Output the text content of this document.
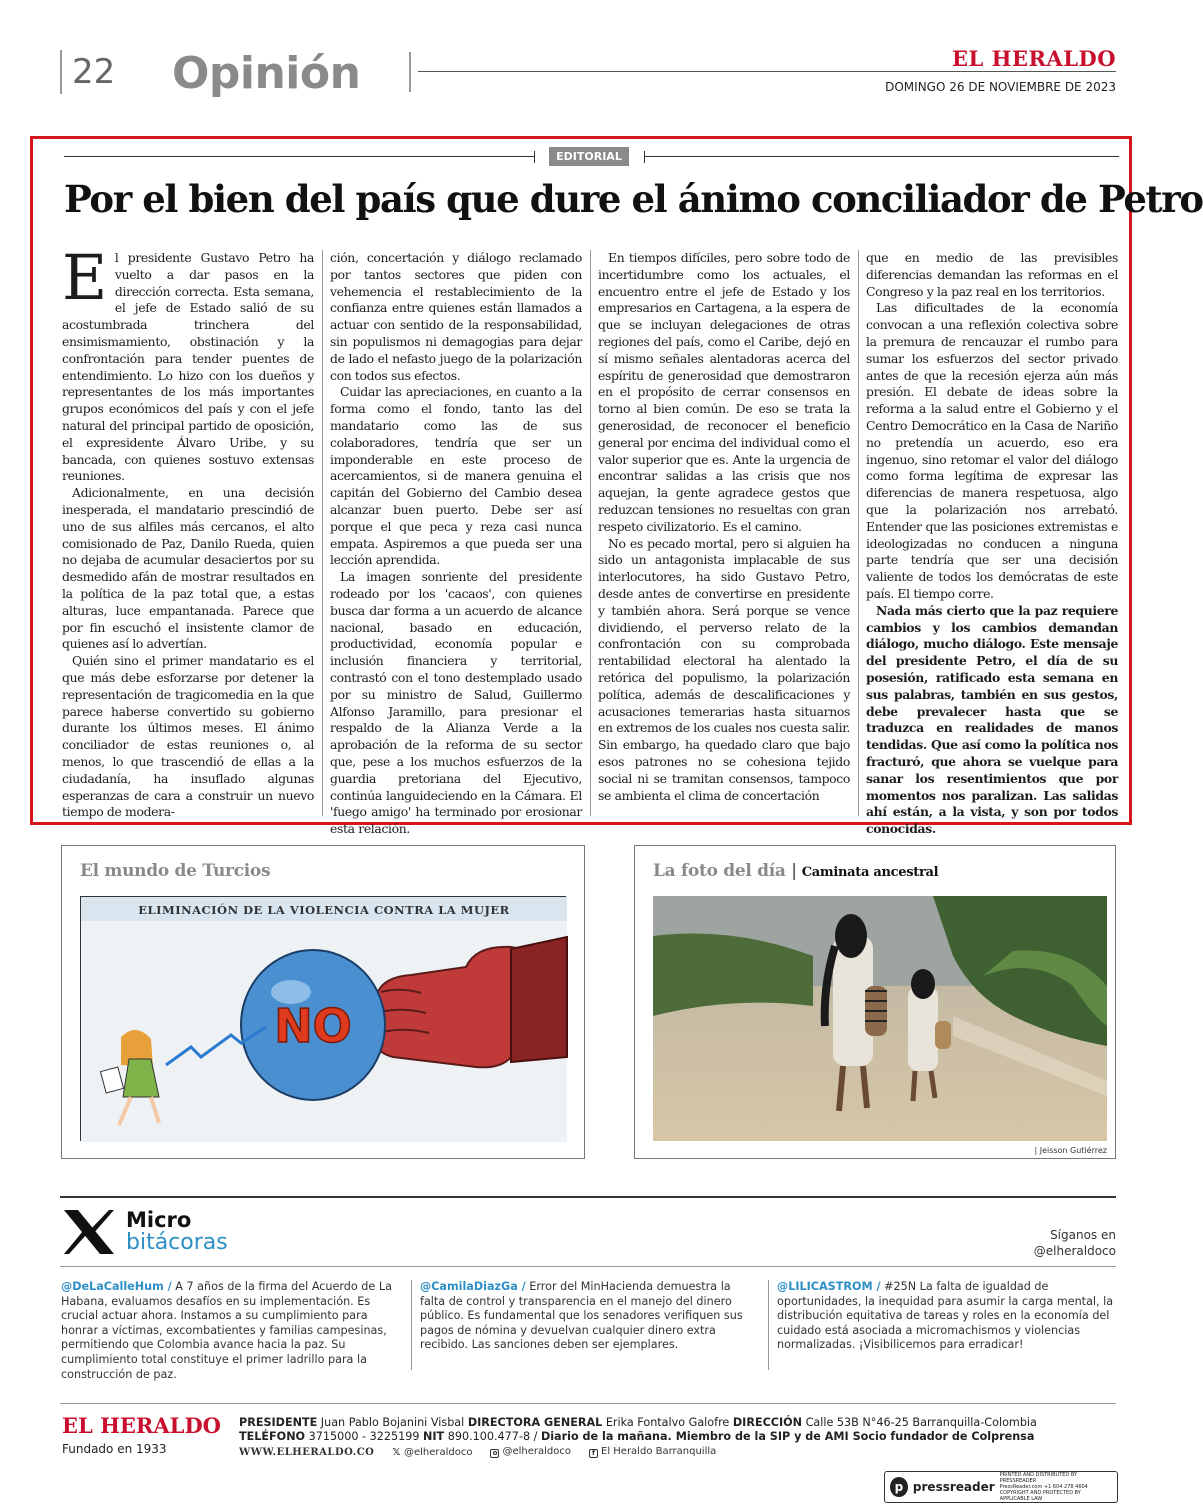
22 Opinión	EL HERALDO
DOMINGO 26 DE NOVIEMBRE DE 2023
EDITORIAL
Por el bien del país que dure el ánimo conciliador de Petro

El presidente Gustavo Petro ha vuelto a dar pasos en la dirección correcta. Esta semana, el jefe de Estado salió de su acostumbrada trinchera del ensimismamiento, obstinación y la confrontación para tender puentes de entendimiento. Lo hizo con los dueños y representantes de los más importantes grupos económicos del país y con el jefe natural del principal partido de oposición, el expresidente Álvaro Uribe, y su bancada, con quienes sostuvo extensas reuniones.

Adicionalmente, en una decisión inesperada, el mandatario prescindió de uno de sus alfiles más cercanos, el alto comisionado de Paz, Danilo Rueda, quien no dejaba de acumular desaciertos por su desmedido afán de mostrar resultados en la política de la paz total que, a estas alturas, luce empantanada. Parece que por fin escuchó el insistente clamor de quienes así lo advertían.

Quién sino el primer mandatario es el que más debe esforzarse por detener la representación de tragicomedia en la que parece haberse convertido su gobierno durante los últimos meses. El ánimo conciliador de estas reuniones o, al menos, lo que trascendió de ellas a la ciudadanía, ha insuflado algunas esperanzas de cara a construir un nuevo tiempo de modera-

ción, concertación y diálogo reclamado por tantos sectores que piden con vehemencia el restablecimiento de la confianza entre quienes están llamados a actuar con sentido de la responsabilidad, sin populismos ni demagogias para dejar de lado el nefasto juego de la polarización con todos sus efectos.

Cuidar las apreciaciones, en cuanto a la forma como el fondo, tanto las del mandatario como las de sus colaboradores, tendría que ser un imponderable en este proceso de acercamientos, si de manera genuina el capitán del Gobierno del Cambio desea alcanzar buen puerto. Debe ser así porque el que peca y reza casi nunca empata. Aspiremos a que pueda ser una lección aprendida.

La imagen sonriente del presidente rodeado por los 'cacaos', con quienes busca dar forma a un acuerdo de alcance nacional, basado en educación, productividad, economía popular e inclusión financiera y territorial, contrastó con el tono destemplado usado por su ministro de Salud, Guillermo Alfonso Jaramillo, para presionar el respaldo de la Alianza Verde a la aprobación de la reforma de su sector que, pese a los muchos esfuerzos de la guardia pretoriana del Ejecutivo, continúa languideciendo en la Cámara. El 'fuego amigo' ha terminado por erosionar esta relación.

En tiempos difíciles, pero sobre todo de incertidumbre como los actuales, el encuentro entre el jefe de Estado y los empresarios en Cartagena, a la espera de que se incluyan delegaciones de otras regiones del país, como el Caribe, dejó en sí mismo señales alentadoras acerca del espíritu de generosidad que demostraron en el propósito de cerrar consensos en torno al bien común. De eso se trata la generosidad, de reconocer el beneficio general por encima del individual como el valor superior que es. Ante la urgencia de encontrar salidas a las crisis que nos aquejan, la gente agradece gestos que reduzcan tensiones no resueltas con gran respeto civilizatorio. Es el camino.

No es pecado mortal, pero si alguien ha sido un antagonista implacable de sus interlocutores, ha sido Gustavo Petro, desde antes de convertirse en presidente y también ahora. Será porque se vence dividiendo, el perverso relato de la confrontación con su comprobada rentabilidad electoral ha alentado la retórica del populismo, la polarización política, además de descalificaciones y acusaciones temerarias hasta situarnos en extremos de los cuales nos cuesta salir. Sin embargo, ha quedado claro que bajo esos patrones no se cohesiona tejido social ni se tramitan consensos, tampoco se ambienta el clima de concertación

que en medio de las previsibles diferencias demandan las reformas en el Congreso y la paz real en los territorios.

Las dificultades de la economía convocan a una reflexión colectiva sobre la premura de rencauzar el rumbo para sumar los esfuerzos del sector privado antes de que la recesión ejerza aún más presión. El debate de ideas sobre la reforma a la salud entre el Gobierno y el Centro Democrático en la Casa de Nariño no pretendía un acuerdo, eso era ingenuo, sino retomar el valor del diálogo como forma legítima de expresar las diferencias de manera respetuosa, algo que la polarización nos arrebató. Entender que las posiciones extremistas e ideologizadas no conducen a ninguna parte tendría que ser una decisión valiente de todos los demócratas de este país. El tiempo corre.

Nada más cierto que la paz requiere cambios y los cambios demandan diálogo, mucho diálogo. Este mensaje del presidente Petro, el día de su posesión, ratificado esta semana en sus palabras, también en sus gestos, debe prevalecer hasta que se traduzca en realidades de manos tendidas. Que así como la política nos fracturó, que ahora se vuelque para sanar los resentimientos que por momentos nos paralizan. Las salidas ahí están, a la vista, y son por todos conocidas.

El mundo de Turcios
ELIMINACIÓN DE LA VIOLENCIA CONTRA LA MUJER
NO
La foto del día | Caminata ancestral
| Jeisson Gutiérrez
Micro
bitácoras	Síganos en
@elheraldoco
@DeLaCalleHum / A 7 años de la firma del Acuerdo de La Habana, evaluamos desafíos en su implementación. Es crucial actuar ahora. Instamos a su cumplimiento para honrar a víctimas, excombatientes y familias campesinas, permitiendo que Colombia avance hacia la paz. Su cumplimiento total constituye el primer ladrillo para la construcción de paz.
@CamilaDiazGa / Error del MinHacienda demuestra la falta de control y transparencia en el manejo del dinero público. Es fundamental que los senadores verifiquen sus pagos de nómina y devuelvan cualquier dinero extra recibido. Las sanciones deben ser ejemplares.
@LILICASTROM / #25N La falta de igualdad de oportunidades, la inequidad para asumir la carga mental, la distribución equitativa de tareas y roles en la economía del cuidado está asociada a micromachismos y violencias normalizadas. ¡Visibilicemos para erradicar!
EL HERALDO
Fundado en 1933
PRESIDENTE Juan Pablo Bojanini Visbal DIRECTORA GENERAL Erika Fontalvo Galofre DIRECCIÓN Calle 53B N°46-25 Barranquilla-Colombia
TELÉFONO 3715000 - 3225199 NIT 890.100.477-8 / Diario de la mañana. Miembro de la SIP y de AMI Socio fundador de Colprensa
WWW.ELHERALDO.CO 𝕏 @elheraldoco	o @elheraldoco	f El Heraldo Barranquilla
p pressreader
PRINTED AND DISTRIBUTED BY PRESSREADER
PressReader.com +1 604 278 4604
COPYRIGHT AND PROTECTED BY APPLICABLE LAW
